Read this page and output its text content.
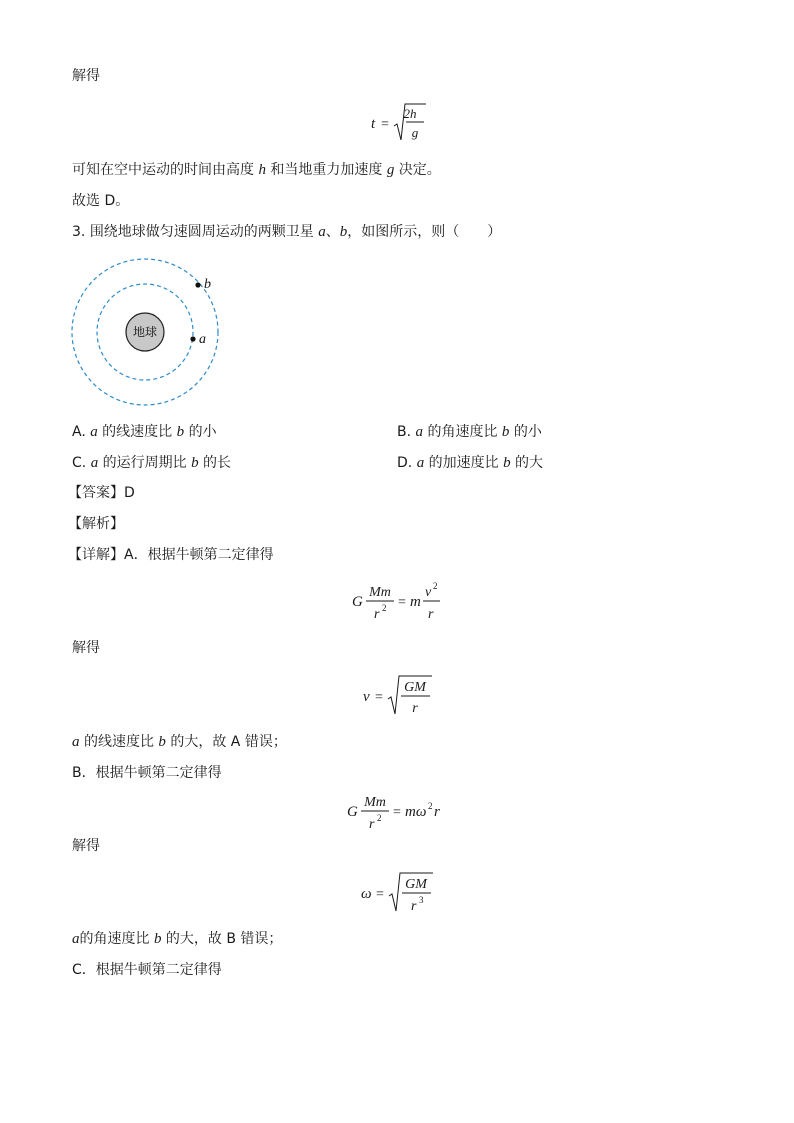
解得
t =
2h
g
可知在空中运动的时间由高度 h 和当地重力加速度 g 决定。
故选 D。
3. 围绕地球做匀速圆周运动的两颗卫星 a、b，如图所示，则（　　）
地球	a
b
A. a 的线速度比 b 的小	B. a 的角速度比 b 的小
C. a 的运行周期比 b 的长	D. a 的加速度比 b 的大
【答案】D
【解析】
【详解】A．根据牛顿第二定律得
G
Mm
r 2 = m
v 2
r
解得
v =
GM
r
a 的线速度比 b 的大，故 A 错误；
B．根据牛顿第二定律得
G
Mm
r 2 = mω 2 r
解得
ω =
GM
r 3
a的角速度比 b 的大，故 B 错误；
C．根据牛顿第二定律得
